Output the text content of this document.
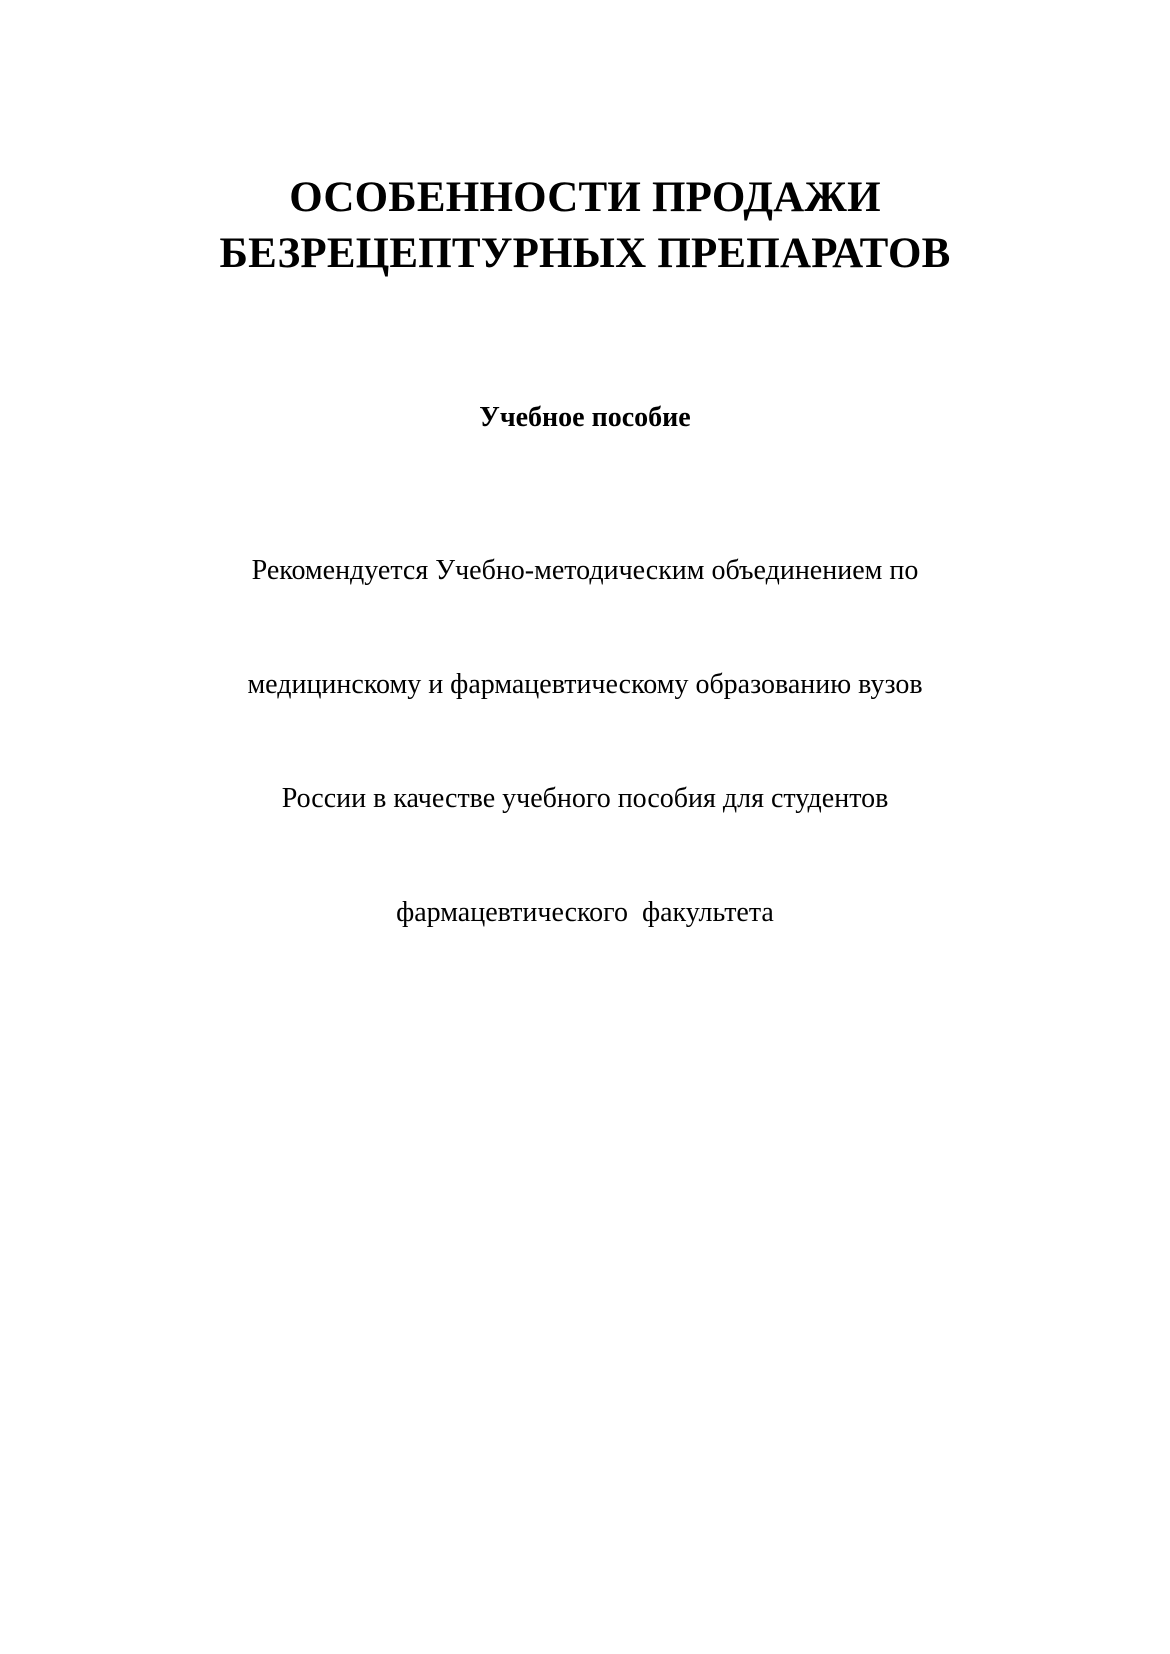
ОСОБЕННОСТИ ПРОДАЖИ
БЕЗРЕЦЕПТУРНЫХ ПРЕПАРАТОВ
Учебное пособие

Рекомендуется Учебно-методическим объединением по

медицинскому и фармацевтическому образованию вузов

России в качестве учебного пособия для студентов

фармацевтического  факультета
